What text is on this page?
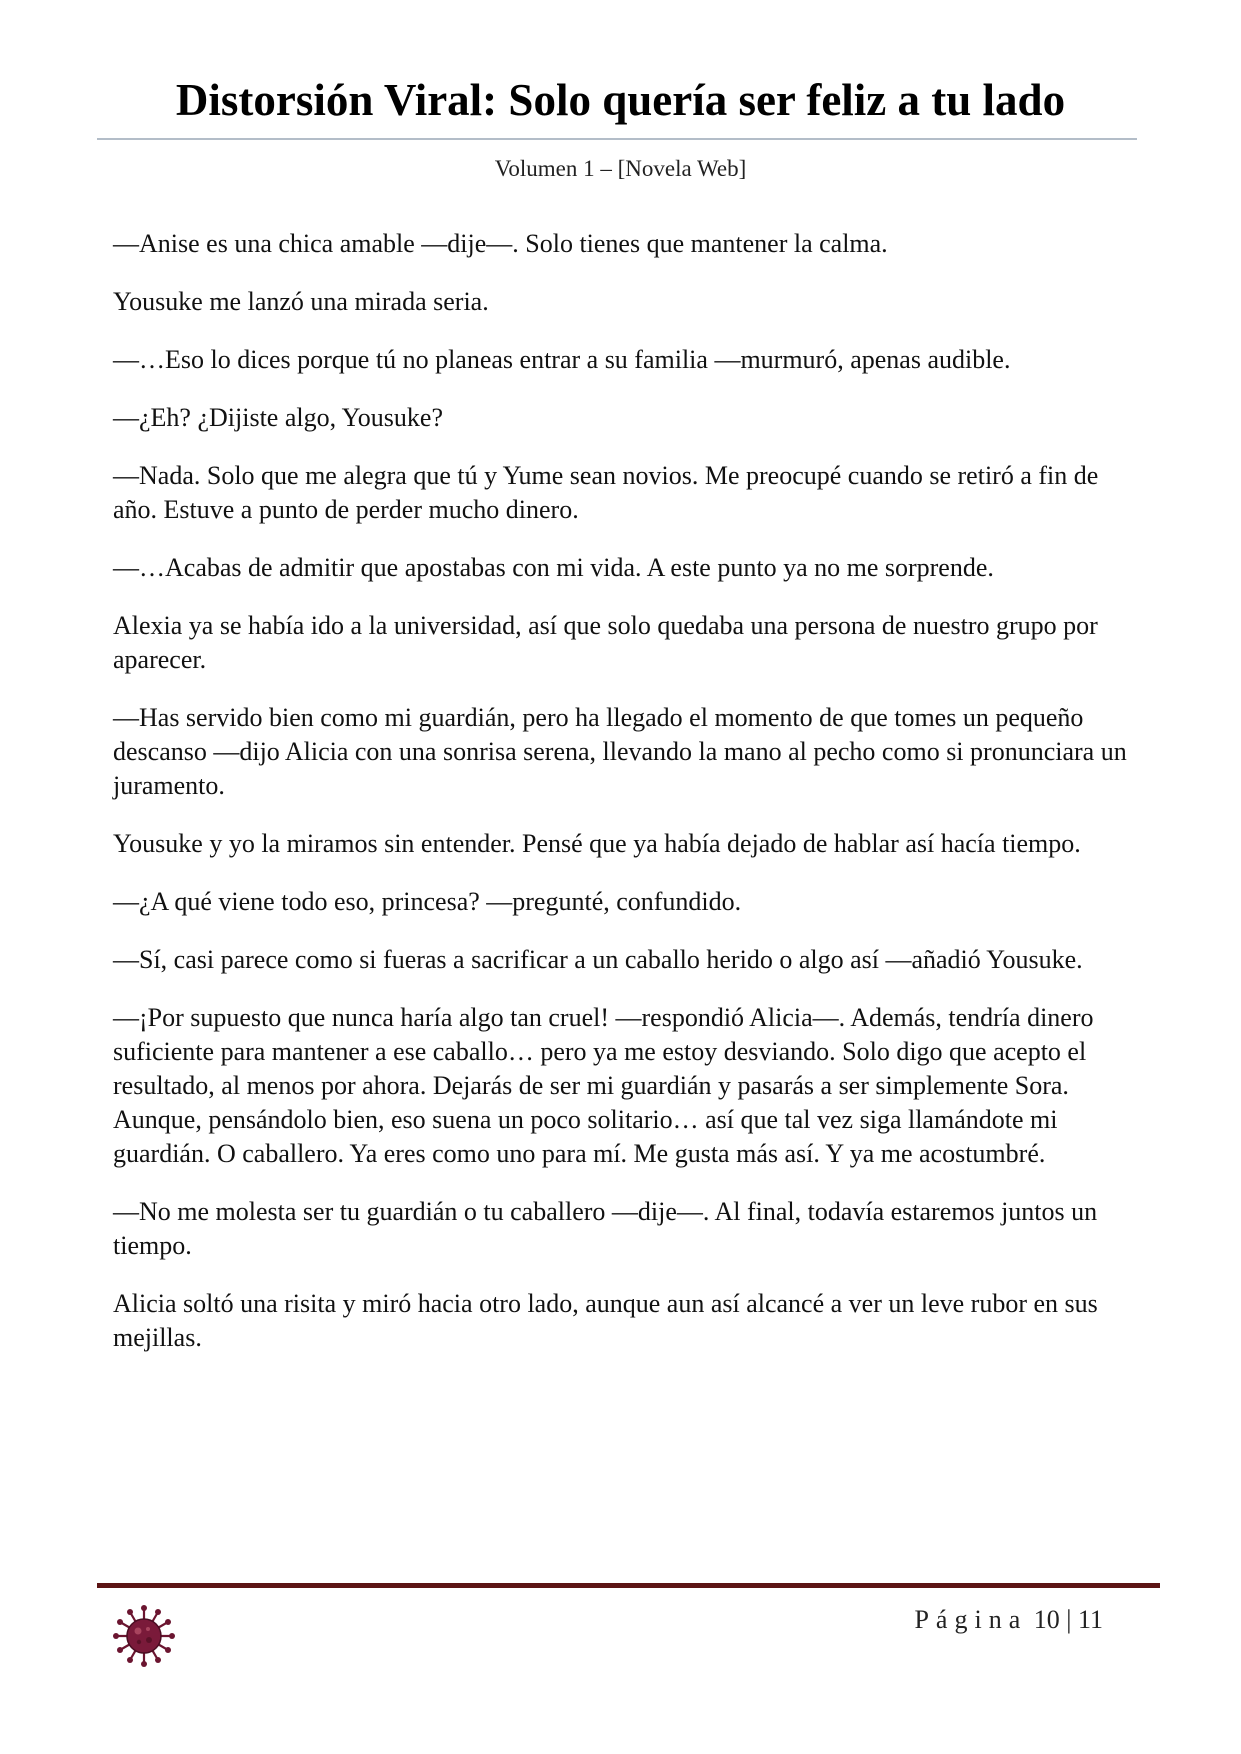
Distorsión Viral: Solo quería ser feliz a tu lado
Volumen 1 – [Novela Web]

—Anise es una chica amable —dije—. Solo tienes que mantener la calma.

Yousuke me lanzó una mirada seria.

—…Eso lo dices porque tú no planeas entrar a su familia —murmuró, apenas audible.

—¿Eh? ¿Dijiste algo, Yousuke?

—Nada. Solo que me alegra que tú y Yume sean novios. Me preocupé cuando se retiró a fin de año. Estuve a punto de perder mucho dinero.

—…Acabas de admitir que apostabas con mi vida. A este punto ya no me sorprende.

Alexia ya se había ido a la universidad, así que solo quedaba una persona de nuestro grupo por aparecer.

—Has servido bien como mi guardián, pero ha llegado el momento de que tomes un pequeño descanso —dijo Alicia con una sonrisa serena, llevando la mano al pecho como si pronunciara un juramento.

Yousuke y yo la miramos sin entender. Pensé que ya había dejado de hablar así hacía tiempo.

—¿A qué viene todo eso, princesa? —pregunté, confundido.

—Sí, casi parece como si fueras a sacrificar a un caballo herido o algo así —añadió Yousuke.

—¡Por supuesto que nunca haría algo tan cruel! —respondió Alicia—. Además, tendría dinero suficiente para mantener a ese caballo… pero ya me estoy desviando. Solo digo que acepto el resultado, al menos por ahora. Dejarás de ser mi guardián y pasarás a ser simplemente Sora. Aunque, pensándolo bien, eso suena un poco solitario… así que tal vez siga llamándote mi guardián. O caballero. Ya eres como uno para mí. Me gusta más así. Y ya me acostumbré.

—No me molesta ser tu guardián o tu caballero —dije—. Al final, todavía estaremos juntos un tiempo.

Alicia soltó una risita y miró hacia otro lado, aunque aun así alcancé a ver un leve rubor en sus mejillas.

Página 10 | 11
